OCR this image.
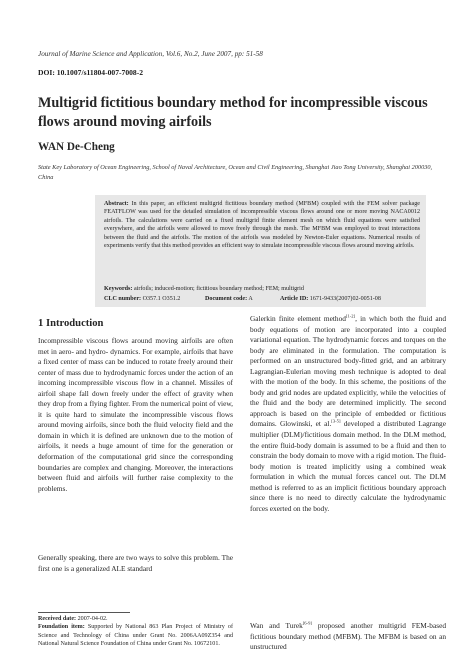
Journal of Marine Science and Application, Vol.6, No.2, June 2007, pp: 51-58
DOI: 10.1007/s11804-007-7008-2
Multigrid fictitious boundary method for incompressible viscous flows around moving airfoils
WAN De-Cheng
State Key Laboratory of Ocean Engineering, School of Naval Architecture, Ocean and Civil Engineering, Shanghai Jiao Tong University, Shanghai 200030, China
Abstract: In this paper, an efficient multigrid fictitious boundary method (MFBM) coupled with the FEM solver package FEATFLOW was used for the detailed simulation of incompressible viscous flows around one or more moving NACA0012 airfoils. The calculations were carried on a fixed multigrid finite element mesh on which fluid equations were satisfied everywhere, and the airfoils were allowed to move freely through the mesh. The MFBM was employed to treat interactions between the fluid and the airfoils. The motion of the airfoils was modeled by Newton-Euler equations. Numerical results of experiments verify that this method provides an efficient way to simulate incompressible viscous flows around moving airfoils.
Keywords: airfoils; induced-motion; fictitious boundary method; FEM; multigrid
CLC number: O357.1 O351.2	Document code: A	Article ID: 1671-9433(2007)02-0051-08
1 Introduction
Incompressible viscous flows around moving airfoils are often met in aero- and hydro- dynamics. For example, airfoils that have a fixed center of mass can be induced to rotate freely around their center of mass due to hydrodynamic forces under the action of an incoming incompressible viscous flow in a channel. Missiles of airfoil shape fall down freely under the effect of gravity when they drop from a flying fighter. From the numerical point of view, it is quite hard to simulate the incompressible viscous flows around moving airfoils, since both the fluid velocity field and the domain in which it is defined are unknown due to the motion of airfoils, it needs a huge amount of time for the generation or deformation of the computational grid since the corresponding boundaries are complex and changing. Moreover, the interactions between fluid and airfoils will further raise complexity to the problems.
Generally speaking, there are two ways to solve this problem. The first one is a generalized ALE standard
Galerkin finite element method[1-2], in which both the fluid and body equations of motion are incorporated into a coupled variational equation. The hydrodynamic forces and torques on the body are eliminated in the formulation. The computation is performed on an unstructured body-fitted grid, and an arbitrary Lagrangian-Eulerian moving mesh technique is adopted to deal with the motion of the body. In this scheme, the positions of the body and grid nodes are updated explicitly, while the velocities of the fluid and the body are determined implicitly. The second approach is based on the principle of embedded or fictitious domains. Glowinski, et al.[3-5] developed a distributed Lagrange multiplier (DLM)/fictitious domain method. In the DLM method, the entire fluid-body domain is assumed to be a fluid and then to constrain the body domain to move with a rigid motion. The fluid-body motion is treated implicitly using a combined weak formulation in which the mutual forces cancel out. The DLM method is referred to as an implicit fictitious boundary approach since there is no need to directly calculate the hydrodynamic forces exerted on the body.
Wan and Turek[6-9] proposed another multigrid FEM-based fictitious boundary method (MFBM). The MFBM is based on an unstructured
Received date: 2007-04-02.
Foundation item: Supported by National 863 Plan Project of Ministry of Science and Technology of China under Grant No. 2006AA09Z354 and National Natural Science Foundation of China under Grant No. 10672101.
